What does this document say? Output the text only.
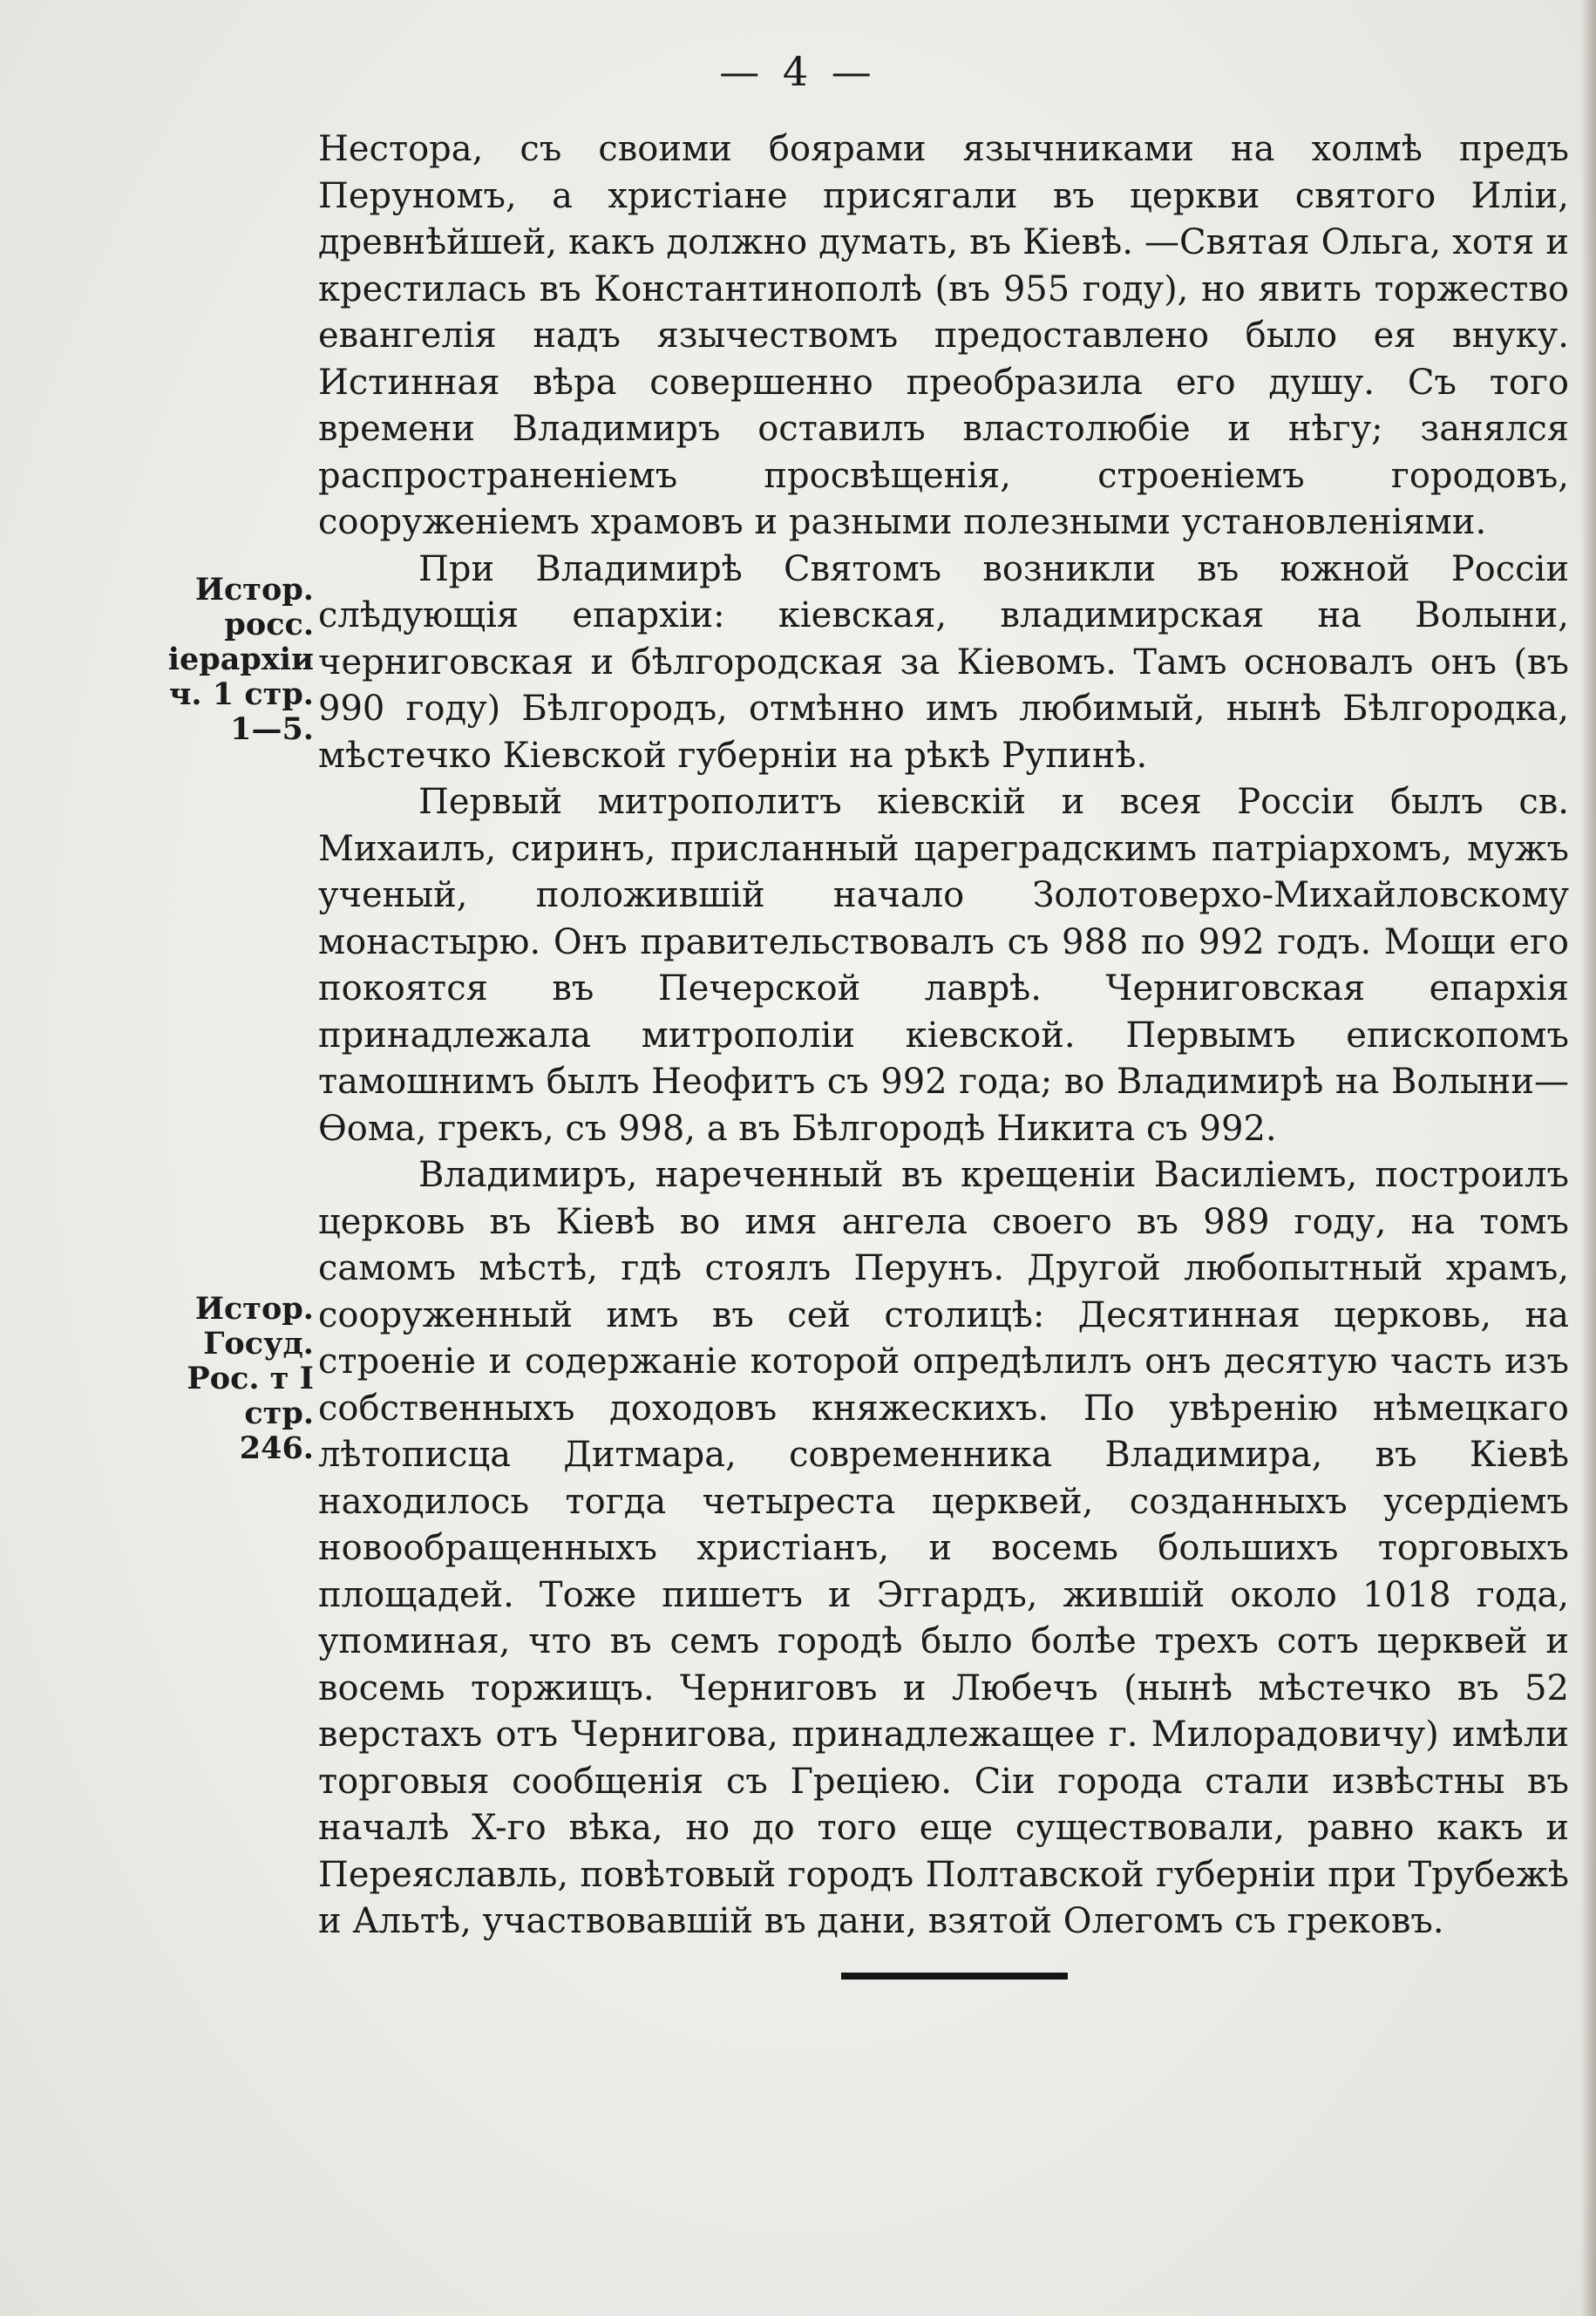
— 4 —
Истор.
росс.
іерархіи
ч. 1 стр.
1—5.
Истор.
Госуд.
Рос. т I
стр. 246.

Нестора, съ своими боярами язычниками на холмѣ предъ Перуномъ, а христіане присягали въ церкви святого Иліи, древнѣйшей, какъ должно думать, въ Кіевѣ. —Святая Ольга, хотя и крестилась въ Константинополѣ (въ 955 году), но явить торжество евангелія надъ язычествомъ предоставлено было ея внуку. Истинная вѣра совершенно преобразила его душу. Съ того времени Владимиръ оставилъ властолюбіе и нѣгу; занялся распространеніемъ просвѣщенія, строеніемъ городовъ, сооруженіемъ храмовъ и разными полезными установленіями.

При Владимирѣ Святомъ возникли въ южной Россіи слѣдующія епархіи: кіевская, владимирская на Волыни, черниговская и бѣлгородская за Кіевомъ. Тамъ основалъ онъ (въ 990 году) Бѣлгородъ, отмѣнно имъ любимый, нынѣ Бѣлгородка, мѣстечко Кіевской губерніи на рѣкѣ Рупинѣ.

Первый митрополитъ кіевскій и всея Россіи былъ св. Михаилъ, сиринъ, присланный цареградскимъ патріархомъ, мужъ ученый, положившій начало Золотоверхо-Михайловскому монастырю. Онъ правительствовалъ съ 988 по 992 годъ. Мощи его покоятся въ Печерской лаврѣ. Черниговская епархія принадлежала митрополіи кіевской. Первымъ епископомъ тамошнимъ былъ Неофитъ съ 992 года; во Владимирѣ на Волыни—Өома, грекъ, съ 998, а въ Бѣлгородѣ Никита съ 992.

Владимиръ, нареченный въ крещеніи Василіемъ, построилъ церковь въ Кіевѣ во имя ангела своего въ 989 году, на томъ самомъ мѣстѣ, гдѣ стоялъ Перунъ. Другой любопытный храмъ, сооруженный имъ въ сей столицѣ: Десятинная церковь, на строеніе и содержаніе которой опредѣлилъ онъ десятую часть изъ собственныхъ доходовъ княжескихъ. По увѣренію нѣмецкаго лѣтописца Дитмара, современника Владимира, въ Кіевѣ находилось тогда четыреста церквей, созданныхъ усердіемъ новообращенныхъ христіанъ, и восемь большихъ торговыхъ площадей. Тоже пишетъ и Эггардъ, жившій около 1018 года, упоминая, что въ семъ городѣ было болѣе трехъ сотъ церквей и восемь торжищъ. Черниговъ и Любечъ (нынѣ мѣстечко въ 52 верстахъ отъ Чернигова, принадлежащее г. Милорадовичу) имѣли торговыя сообщенія съ Греціею. Сіи города стали извѣстны въ началѣ X-го вѣка, но до того еще существовали, равно какъ и Переяславль, повѣтовый городъ Полтавской губерніи при Трубежѣ и Альтѣ, участвовавшій въ дани, взятой Олегомъ съ грековъ.
